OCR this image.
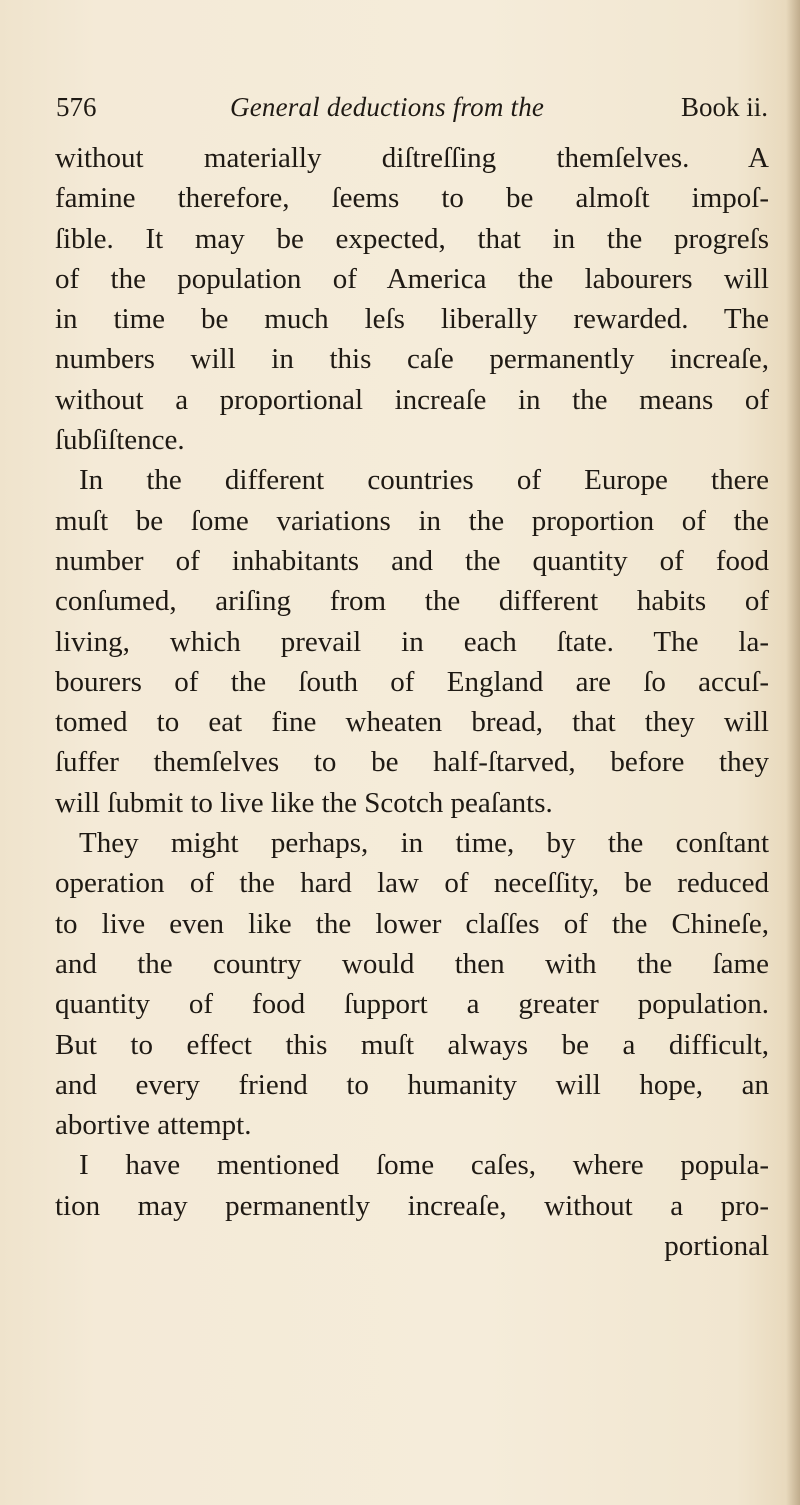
576	General deductions from the	Book ii.
without materially diſtreſſing themſelves. A
famine therefore, ſeems to be almoſt impoſ-
ſible. It may be expected, that in the progreſs
of the population of America the labourers will
in time be much leſs liberally rewarded. The
numbers will in this caſe permanently increaſe,
without a proportional increaſe in the means of
ſubſiſtence.
In the different countries of Europe there
muſt be ſome variations in the proportion of the
number of inhabitants and the quantity of food
conſumed, ariſing from the different habits of
living, which prevail in each ſtate. The la-
bourers of the ſouth of England are ſo accuſ-
tomed to eat fine wheaten bread, that they will
ſuffer themſelves to be half-ſtarved, before they
will ſubmit to live like the Scotch peaſants.
They might perhaps, in time, by the conſtant
operation of the hard law of neceſſity, be reduced
to live even like the lower claſſes of the Chineſe,
and the country would then with the ſame
quantity of food ſupport a greater population.
But to effect this muſt always be a difficult,
and every friend to humanity will hope, an
abortive attempt.
I have mentioned ſome caſes, where popula-
tion may permanently increaſe, without a pro-
portional
